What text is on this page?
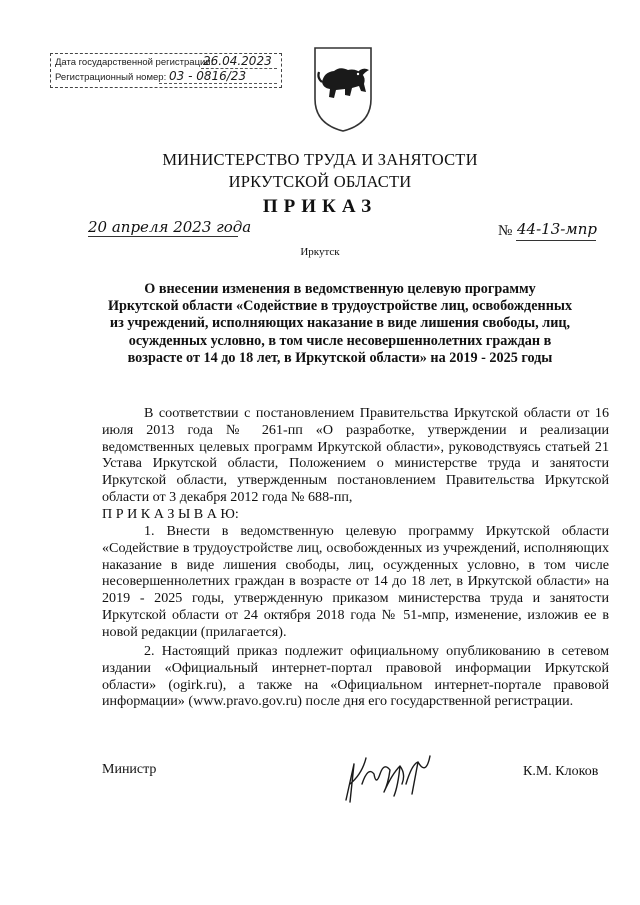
Дата государственной регистрации:
26.04.2023
Регистрационный номер: 03 - 0816/23
МИНИСТЕРСТВО ТРУДА И ЗАНЯТОСТИ
ИРКУТСКОЙ ОБЛАСТИ
ПРИКАЗ
20 апреля 2023 года	№ 44-13-мпр
Иркутск

О внесении изменения в ведомственную целевую программу

Иркутской области «Содействие в трудоустройстве лиц, освобожденных

из учреждений, исполняющих наказание в виде лишения свободы, лиц,

осужденных условно, в том числе несовершеннолетних граждан в

возрасте от 14 до 18 лет, в Иркутской области» на 2019 - 2025 годы

В соответствии с постановлением Правительства Иркутской области от 16 июля 2013 года № 261-пп «О разработке, утверждении и реализации ведомственных целевых программ Иркутской области», руководствуясь статьей 21 Устава Иркутской области, Положением о министерстве труда и занятости Иркутской области, утвержденным постановлением Правительства Иркутской области от 3 декабря 2012 года № 688-пп,

П Р И К А З Ы В А Ю:

1. Внести в ведомственную целевую программу Иркутской области «Содействие в трудоустройстве лиц, освобожденных из учреждений, исполняющих наказание в виде лишения свободы, лиц, осужденных условно, в том числе несовершеннолетних граждан в возрасте от 14 до 18 лет, в Иркутской области» на 2019 - 2025 годы, утвержденную приказом министерства труда и занятости Иркутской области от 24 октября 2018 года № 51-мпр, изменение, изложив ее в новой редакции (прилагается).

2. Настоящий приказ подлежит официальному опубликованию в сетевом издании «Официальный интернет-портал правовой информации Иркутской области» (ogirk.ru), а также на «Официальном интернет-портале правовой информации» (www.pravo.gov.ru) после дня его государственной регистрации.

Министр	К.М. Клоков
